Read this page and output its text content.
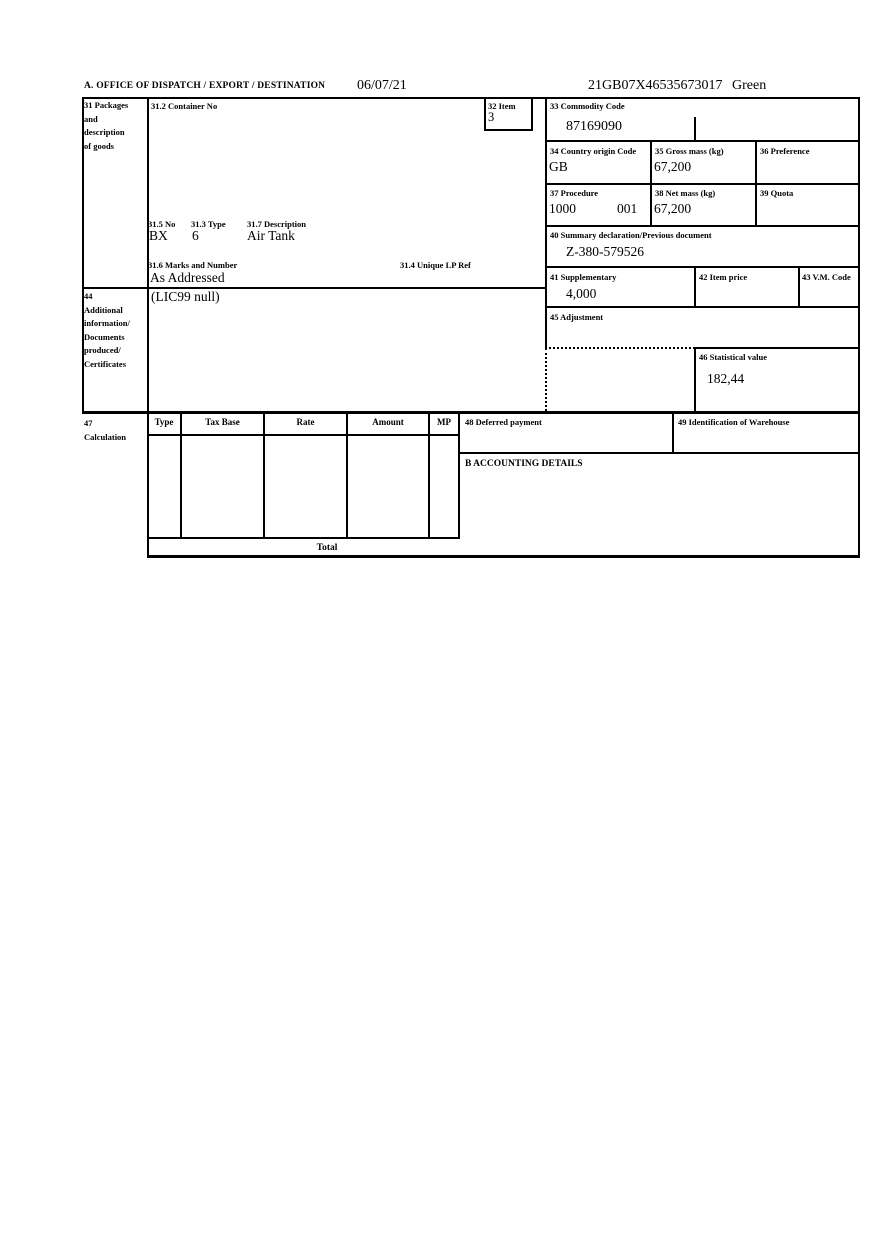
A. OFFICE OF DISPATCH / EXPORT / DESTINATION 06/07/21	21GB07X46535673017 Green
31 Packages
and
description
of goods
31.2 Container No	32 Item
3
31.5 No 31.3 Type	31.7 Description
BX 6	Air Tank
31.6 Marks and Number	31.4 Unique LP Ref
As Addressed
33 Commodity Code
87169090
34 Country origin Code
GB
35 Gross mass (kg)
67,200
36 Preference
37 Procedure
1000	001
38 Net mass (kg)
67,200
39 Quota
40 Summary declaration/Previous document
Z-380-579526
41 Supplementary
4,000
42 Item price	43 V.M. Code
45 Adjustment
46 Statistical value
182,44
44
Additional
information/
Documents
produced/
Certificates
(LIC99 null)
47
Calculation
Type	Tax Base	Rate	Amount	MP
Total
48 Deferred payment	49 Identification of Warehouse
B ACCOUNTING DETAILS
